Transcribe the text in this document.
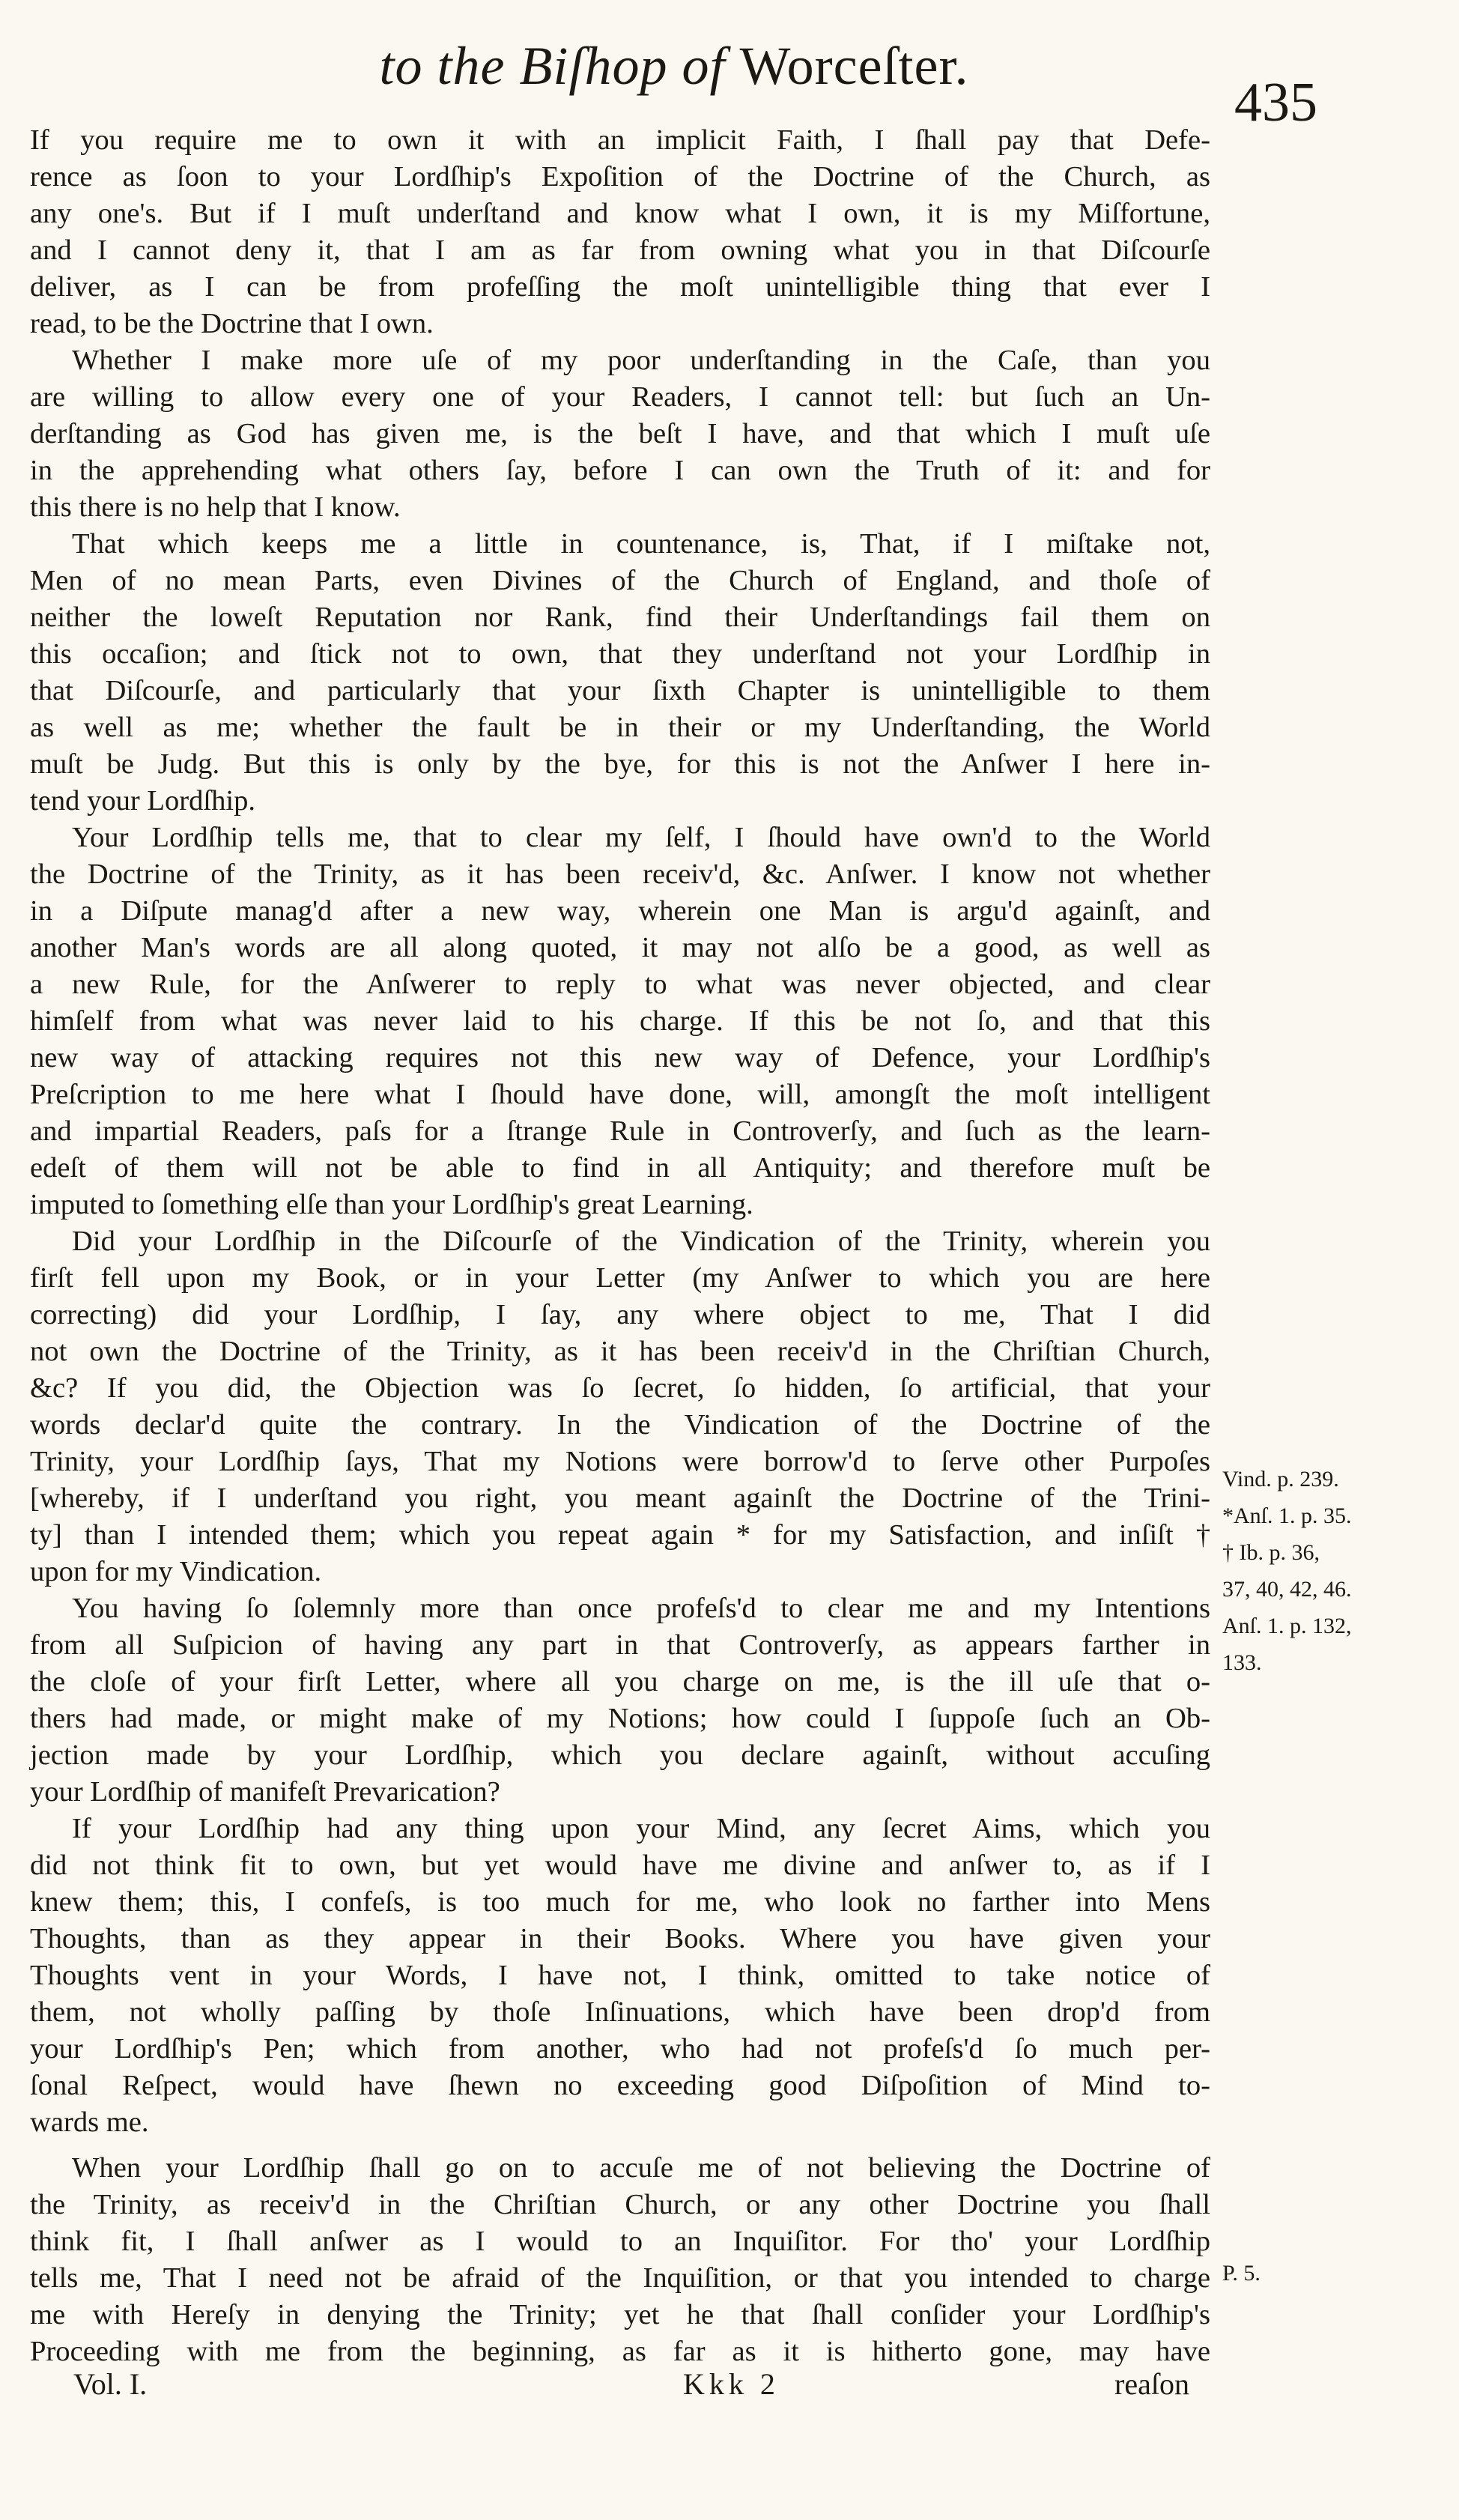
to the Biſhop of Worceſter.
435
If you require me to own it with an implicit Faith, I ſhall pay that Defe-
rence as ſoon to your Lordſhip's Expoſition of the Doctrine of the Church, as
any one's. But if I muſt underſtand and know what I own, it is my Miſfortune,
and I cannot deny it, that I am as far from owning what you in that Diſcourſe
deliver, as I can be from profeſſing the moſt unintelligible thing that ever I
read, to be the Doctrine that I own.
Whether I make more uſe of my poor underſtanding in the Caſe, than you
are willing to allow every one of your Readers, I cannot tell: but ſuch an Un-
derſtanding as God has given me, is the beſt I have, and that which I muſt uſe
in the apprehending what others ſay, before I can own the Truth of it: and for
this there is no help that I know.
That which keeps me a little in countenance, is, That, if I miſtake not,
Men of no mean Parts, even Divines of the Church of England, and thoſe of
neither the loweſt Reputation nor Rank, find their Underſtandings fail them on
this occaſion; and ſtick not to own, that they underſtand not your Lordſhip in
that Diſcourſe, and particularly that your ſixth Chapter is unintelligible to them
as well as me; whether the fault be in their or my Underſtanding, the World
muſt be Judg. But this is only by the bye, for this is not the Anſwer I here in-
tend your Lordſhip.
Your Lordſhip tells me, that to clear my ſelf, I ſhould have own'd to the World
the Doctrine of the Trinity, as it has been receiv'd, &c. Anſwer. I know not whether
in a Diſpute manag'd after a new way, wherein one Man is argu'd againſt, and
another Man's words are all along quoted, it may not alſo be a good, as well as
a new Rule, for the Anſwerer to reply to what was never objected, and clear
himſelf from what was never laid to his charge. If this be not ſo, and that this
new way of attacking requires not this new way of Defence, your Lordſhip's
Preſcription to me here what I ſhould have done, will, amongſt the moſt intelligent
and impartial Readers, paſs for a ſtrange Rule in Controverſy, and ſuch as the learn-
edeſt of them will not be able to find in all Antiquity; and therefore muſt be
imputed to ſomething elſe than your Lordſhip's great Learning.
Did your Lordſhip in the Diſcourſe of the Vindication of the Trinity, wherein you
firſt fell upon my Book, or in your Letter (my Anſwer to which you are here
correcting) did your Lordſhip, I ſay, any where object to me, That I did
not own the Doctrine of the Trinity, as it has been receiv'd in the Chriſtian Church,
&c? If you did, the Objection was ſo ſecret, ſo hidden, ſo artificial, that your
words declar'd quite the contrary. In the Vindication of the Doctrine of the
Trinity, your Lordſhip ſays, That my Notions were borrow'd to ſerve other Purpoſes
[whereby, if I underſtand you right, you meant againſt the Doctrine of the Trini-
ty] than I intended them; which you repeat again * for my Satisfaction, and inſiſt †
upon for my Vindication.
You having ſo ſolemnly more than once profeſs'd to clear me and my Intentions
from all Suſpicion of having any part in that Controverſy, as appears farther in
the cloſe of your firſt Letter, where all you charge on me, is the ill uſe that o-
thers had made, or might make of my Notions; how could I ſuppoſe ſuch an Ob-
jection made by your Lordſhip, which you declare againſt, without accuſing
your Lordſhip of manifeſt Prevarication?
If your Lordſhip had any thing upon your Mind, any ſecret Aims, which you
did not think fit to own, but yet would have me divine and anſwer to, as if I
knew them; this, I confeſs, is too much for me, who look no farther into Mens
Thoughts, than as they appear in their Books. Where you have given your
Thoughts vent in your Words, I have not, I think, omitted to take notice of
them, not wholly paſſing by thoſe Inſinuations, which have been drop'd from
your Lordſhip's Pen; which from another, who had not profeſs'd ſo much per-
ſonal Reſpect, would have ſhewn no exceeding good Diſpoſition of Mind to-
wards me.
When your Lordſhip ſhall go on to accuſe me of not believing the Doctrine of
the Trinity, as receiv'd in the Chriſtian Church, or any other Doctrine you ſhall
think fit, I ſhall anſwer as I would to an Inquiſitor. For tho' your Lordſhip
tells me, That I need not be afraid of the Inquiſition, or that you intended to charge
me with Hereſy in denying the Trinity; yet he that ſhall conſider your Lordſhip's
Proceeding with me from the beginning, as far as it is hitherto gone, may have
Vind. p. 239.
*Anſ. 1. p. 35.
† Ib. p. 36,
37, 40, 42, 46.
Anſ. 1. p. 132,
133.
P. 5.
Vol. I.	Kkk 2	reaſon
